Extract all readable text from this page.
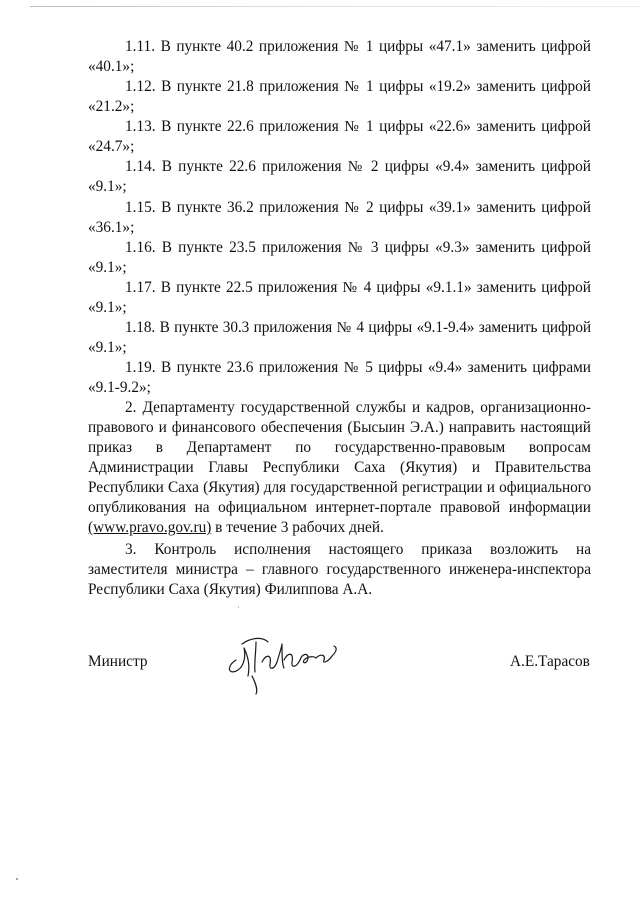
1.11. В пункте 40.2 приложения № 1 цифры «47.1» заменить цифрой
«40.1»;
1.12. В пункте 21.8 приложения № 1 цифры «19.2» заменить цифрой
«21.2»;
1.13. В пункте 22.6 приложения № 1 цифры «22.6» заменить цифрой
«24.7»;
1.14. В пункте 22.6 приложения № 2 цифры «9.4» заменить цифрой
«9.1»;
1.15. В пункте 36.2 приложения № 2 цифры «39.1» заменить цифрой
«36.1»;
1.16. В пункте 23.5 приложения № 3 цифры «9.3» заменить цифрой
«9.1»;
1.17. В пункте 22.5 приложения № 4 цифры «9.1.1» заменить цифрой
«9.1»;
1.18. В пункте 30.3 приложения № 4 цифры «9.1-9.4» заменить цифрой
«9.1»;
1.19. В пункте 23.6 приложения № 5 цифры «9.4» заменить цифрами
«9.1-9.2»;
2. Департаменту государственной службы и кадров, организационно-
правового и финансового обеспечения (Бысыин Э.А.) направить настоящий
приказ в Департамент по государственно-правовым вопросам
Администрации Главы Республики Саха (Якутия) и Правительства
Республики Саха (Якутия) для государственной регистрации и официального
опубликования на официальном интернет-портале правовой информации
(www.pravo.gov.ru) в течение 3 рабочих дней.
3. Контроль исполнения настоящего приказа возложить на
заместителя министра – главного государственного инженера-инспектора
Республики Саха (Якутия) Филиппова А.А.
Министр	А.Е.Тарасов
